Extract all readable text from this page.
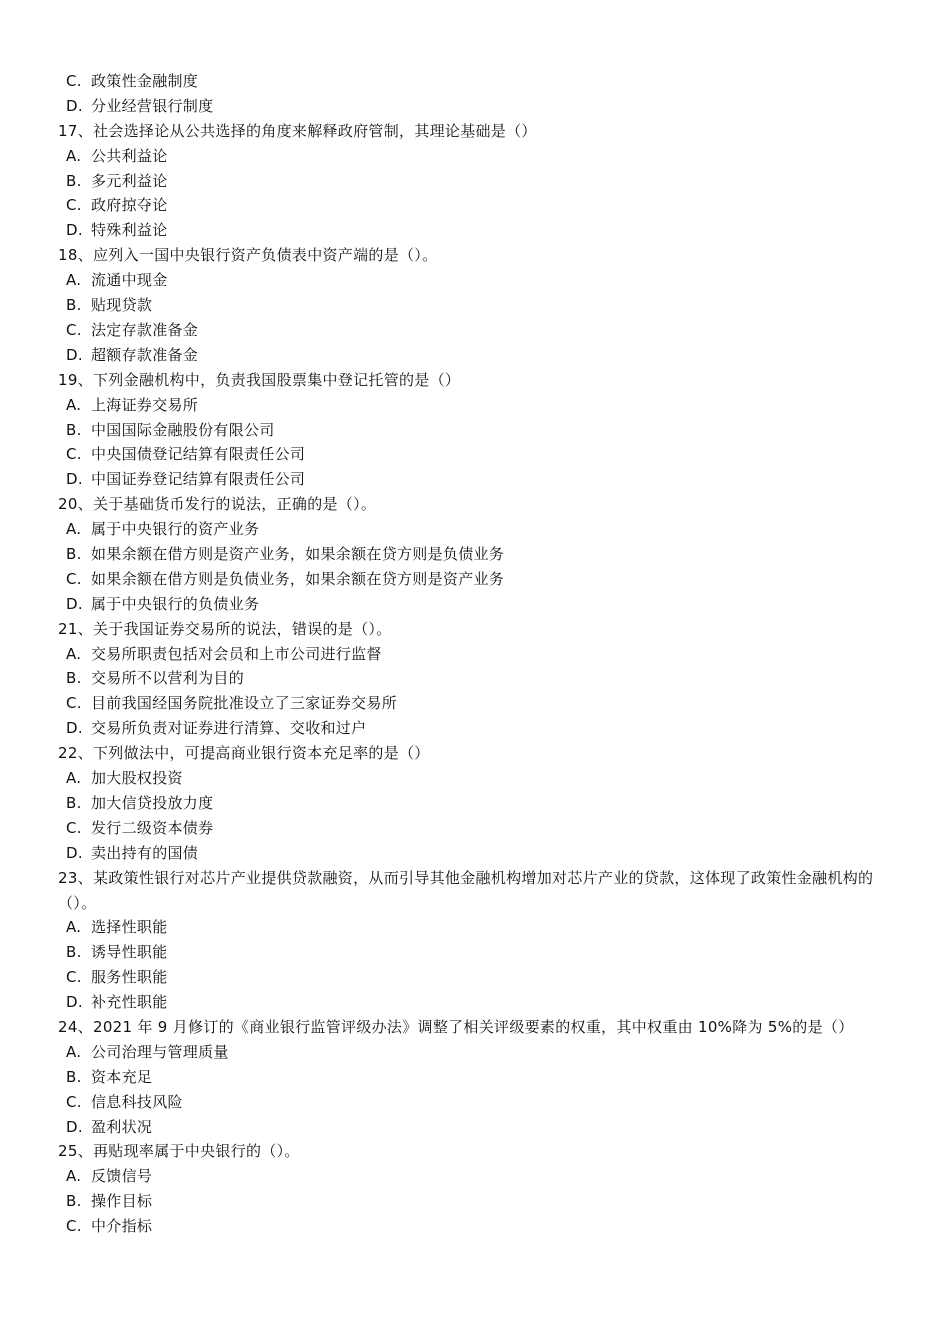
C. 政策性金融制度
D. 分业经营银行制度
17、社会选择论从公共选择的角度来解释政府管制，其理论基础是（）
A. 公共利益论
B. 多元利益论
C. 政府掠夺论
D. 特殊利益论
18、应列入一国中央银行资产负债表中资产端的是（）。
A. 流通中现金
B. 贴现贷款
C. 法定存款准备金
D. 超额存款准备金
19、下列金融机构中，负责我国股票集中登记托管的是（）
A. 上海证券交易所
B. 中国国际金融股份有限公司
C. 中央国债登记结算有限责任公司
D. 中国证券登记结算有限责任公司
20、关于基础货币发行的说法，正确的是（）。
A. 属于中央银行的资产业务
B. 如果余额在借方则是资产业务，如果余额在贷方则是负债业务
C. 如果余额在借方则是负债业务，如果余额在贷方则是资产业务
D. 属于中央银行的负债业务
21、关于我国证券交易所的说法，错误的是（）。
A. 交易所职责包括对会员和上市公司进行监督
B. 交易所不以营利为目的
C. 目前我国经国务院批准设立了三家证券交易所
D. 交易所负责对证券进行清算、交收和过户
22、下列做法中，可提高商业银行资本充足率的是（）
A. 加大股权投资
B. 加大信贷投放力度
C. 发行二级资本债券
D. 卖出持有的国债
23、某政策性银行对芯片产业提供贷款融资，从而引导其他金融机构增加对芯片产业的贷款，这体现了政策性金融机构的（）。
A. 选择性职能
B. 诱导性职能
C. 服务性职能
D. 补充性职能
24、2021 年 9 月修订的《商业银行监管评级办法》调整了相关评级要素的权重，其中权重由 10%降为 5%的是（）
A. 公司治理与管理质量
B. 资本充足
C. 信息科技风险
D. 盈利状况
25、再贴现率属于中央银行的（）。
A. 反馈信号
B. 操作目标
C. 中介指标
